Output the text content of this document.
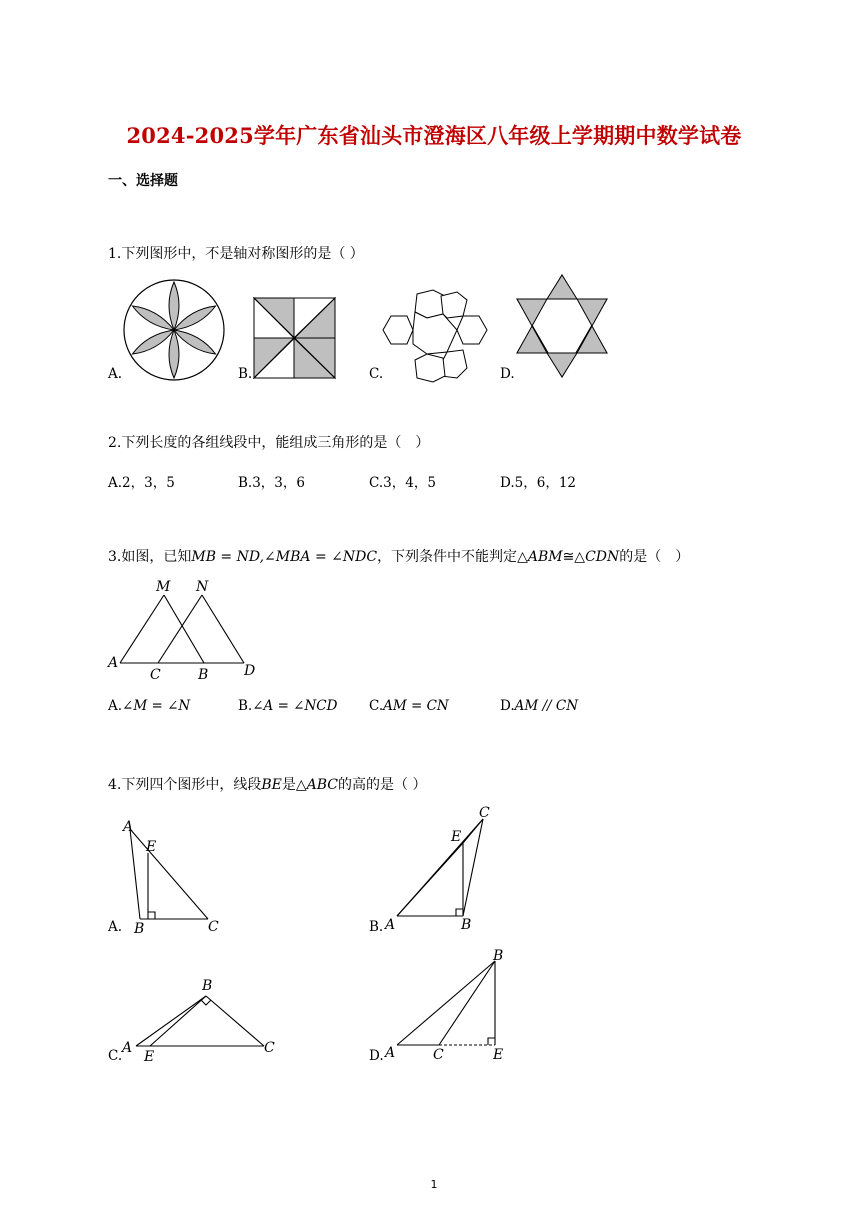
2024-2025学年广东省汕头市澄海区八年级上学期期中数学试卷
一、选择题
1.下列图形中，不是轴对称图形的是（ ）
A.	B.	C.	D.
2.下列长度的各组线段中，能组成三角形的是（　）
A.2，3，5	B.3，3，6	C.3，4，5	D.5，6，12
3.如图，已知MB = ND,∠MBA = ∠NDC，下列条件中不能判定△ABM≅△CDN的是（　）
M N
A
C	B	D
A.∠M = ∠N	B.∠A = ∠NCD C.AM = CN	D.AM // CN
4.下列四个图形中，线段BE是△ABC的高的是（ ）
A
E
B	C
A.
C
E
A	B
B.
B
A
E
C
C.
B
A	C	E
D.
1
